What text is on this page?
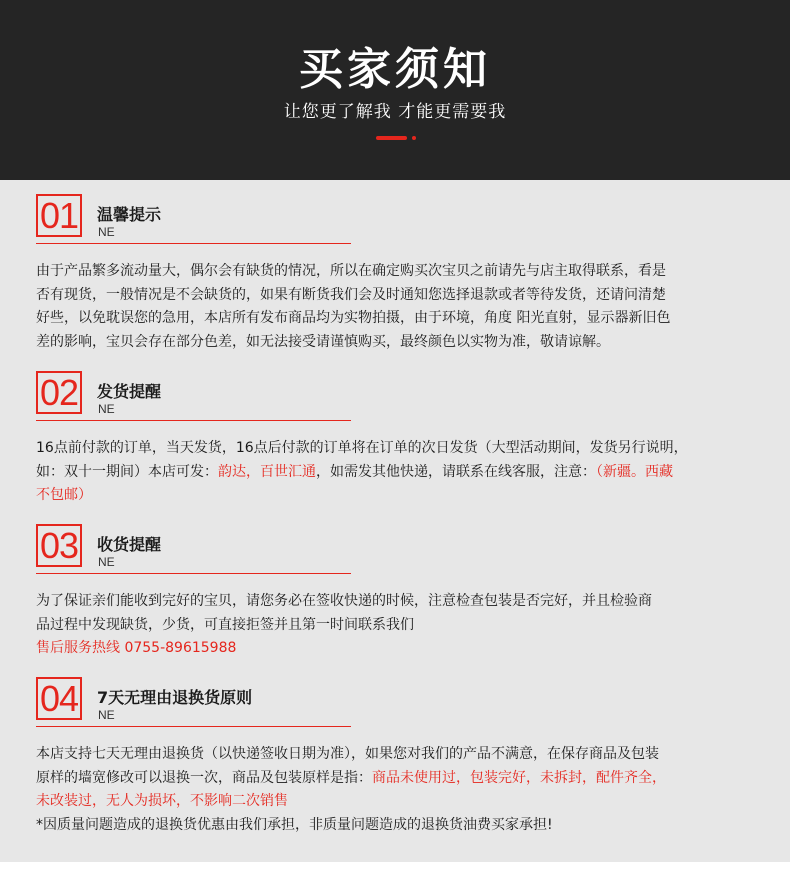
买家须知
让您更了解我 才能更需要我
01 温馨提示
NE
由于产品繁多流动量大，偶尔会有缺货的情况，所以在确定购买次宝贝之前请先与店主取得联系，看是
否有现货，一般情况是不会缺货的，如果有断货我们会及时通知您选择退款或者等待发货，还请问清楚
好些，以免耽误您的急用，本店所有发布商品均为实物拍摄，由于环境，角度 阳光直射，显示器新旧色
差的影响，宝贝会存在部分色差，如无法接受请谨慎购买，最终颜色以实物为准，敬请谅解。
02 发货提醒
NE
16点前付款的订单，当天发货，16点后付款的订单将在订单的次日发货（大型活动期间，发货另行说明，
如：双十一期间）本店可发：韵达，百世汇通，如需发其他快递，请联系在线客服，注意：（新疆。西藏
不包邮）
03 收货提醒
NE
为了保证亲们能收到完好的宝贝，请您务必在签收快递的时候，注意检查包装是否完好，并且检验商
品过程中发现缺货，少货，可直接拒签并且第一时间联系我们
售后服务热线 0755-89615988
04 7天无理由退换货原则
NE
本店支持七天无理由退换货（以快递签收日期为准），如果您对我们的产品不满意，在保存商品及包装
原样的墙宽修改可以退换一次，商品及包装原样是指：商品未使用过，包装完好，未拆封，配件齐全，
未改装过，无人为损坏，不影响二次销售
*因质量问题造成的退换货优惠由我们承担，非质量问题造成的退换货油费买家承担!
